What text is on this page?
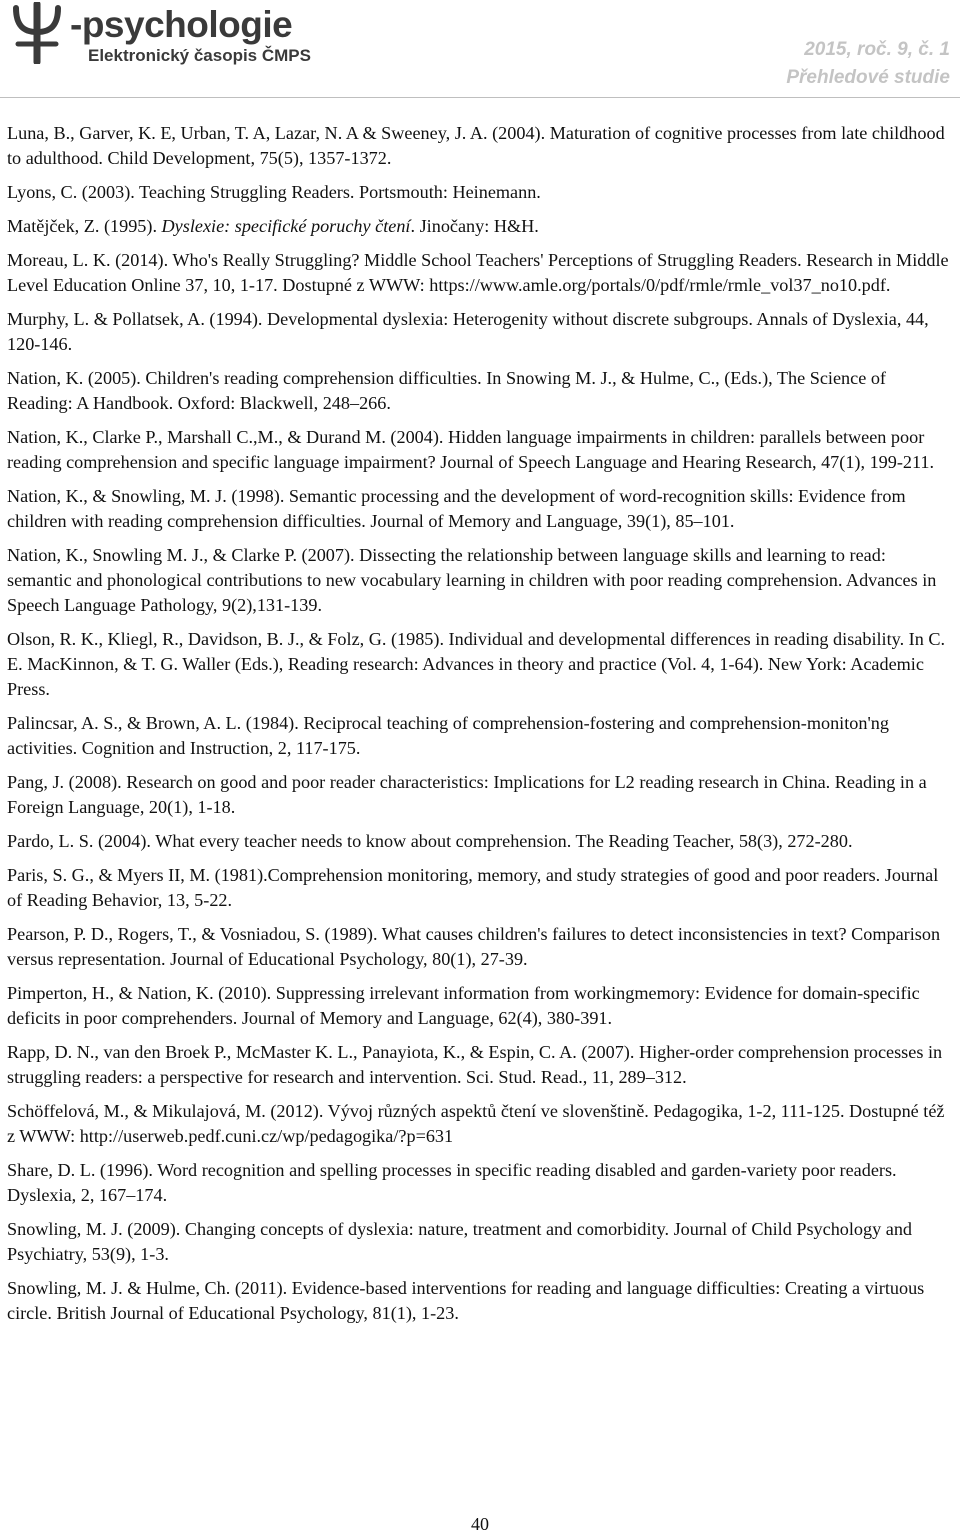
-psychologie
Elektronický časopis ČMPS	2015, roč. 9, č. 1
Přehledové studie

Luna, B., Garver, K. E, Urban, T. A, Lazar, N. A & Sweeney, J. A. (2004). Maturation of cognitive processes from late childhood to adulthood. Child Development, 75(5), 1357-1372.

Lyons, C. (2003). Teaching Struggling Readers. Portsmouth: Heinemann.

Matějček, Z. (1995). Dyslexie: specifické poruchy čtení. Jinočany: H&H.

Moreau, L. K. (2014). Who's Really Struggling? Middle School Teachers' Perceptions of Struggling Readers. Research in Middle Level Education Online 37, 10, 1-17. Dostupné z WWW: https://www.amle.org/portals/0/pdf/rmle/rmle_vol37_no10.pdf.

Murphy, L. & Pollatsek, A. (1994). Developmental dyslexia: Heterogenity without discrete subgroups. Annals of Dyslexia, 44, 120-146.

Nation, K. (2005). Children's reading comprehension difficulties. In Snowing M. J., & Hulme, C., (Eds.), The Science of Reading: A Handbook. Oxford: Blackwell, 248–266.

Nation, K., Clarke P., Marshall C.,M., & Durand M. (2004). Hidden language impairments in children: parallels between poor reading comprehension and specific language impairment? Journal of Speech Language and Hearing Research, 47(1), 199-211.

Nation, K., & Snowling, M. J. (1998). Semantic processing and the development of word-recognition skills: Evidence from children with reading comprehension difficulties. Journal of Memory and Language, 39(1), 85–101.

Nation, K., Snowling M. J., & Clarke P. (2007). Dissecting the relationship between language skills and learning to read: semantic and phonological contributions to new vocabulary learning in children with poor reading comprehension. Advances in Speech Language Pathology, 9(2),131-139.

Olson, R. K., Kliegl, R., Davidson, B. J., & Folz, G. (1985). Individual and developmental differences in reading disability. In C. E. MacKinnon, & T. G. Waller (Eds.), Reading research: Advances in theory and practice (Vol. 4, 1-64). New York: Academic Press.

Palincsar, A. S., & Brown, A. L. (1984). Reciprocal teaching of comprehension-fostering and comprehension-moniton'ng activities. Cognition and Instruction, 2, 117-175.

Pang, J. (2008). Research on good and poor reader characteristics: Implications for L2 reading research in China. Reading in a Foreign Language, 20(1), 1-18.

Pardo, L. S. (2004). What every teacher needs to know about comprehension. The Reading Teacher, 58(3), 272-280.

Paris, S. G., & Myers II, M. (1981).Comprehension monitoring, memory, and study strategies of good and poor readers. Journal of Reading Behavior, 13, 5-22.

Pearson, P. D., Rogers, T., & Vosniadou, S. (1989). What causes children's failures to detect inconsistencies in text? Comparison versus representation. Journal of Educational Psychology, 80(1), 27-39.

Pimperton, H., & Nation, K. (2010). Suppressing irrelevant information from workingmemory: Evidence for domain-specific deficits in poor comprehenders. Journal of Memory and Language, 62(4), 380-391.

Rapp, D. N., van den Broek P., McMaster K. L., Panayiota, K., & Espin, C. A. (2007). Higher-order comprehension processes in struggling readers: a perspective for research and intervention. Sci. Stud. Read., 11, 289–312.

Schöffelová, M., & Mikulajová, M. (2012). Vývoj různých aspektů čtení ve slovenštině. Pedagogika, 1-2, 111-125. Dostupné též z WWW: http://userweb.pedf.cuni.cz/wp/pedagogika/?p=631

Share, D. L. (1996). Word recognition and spelling processes in specific reading disabled and garden-variety poor readers. Dyslexia, 2, 167–174.

Snowling, M. J. (2009). Changing concepts of dyslexia: nature, treatment and comorbidity. Journal of Child Psychology and Psychiatry, 53(9), 1-3.

Snowling, M. J. & Hulme, Ch. (2011). Evidence-based interventions for reading and language difficulties: Creating a virtuous circle. British Journal of Educational Psychology, 81(1), 1-23.

40
